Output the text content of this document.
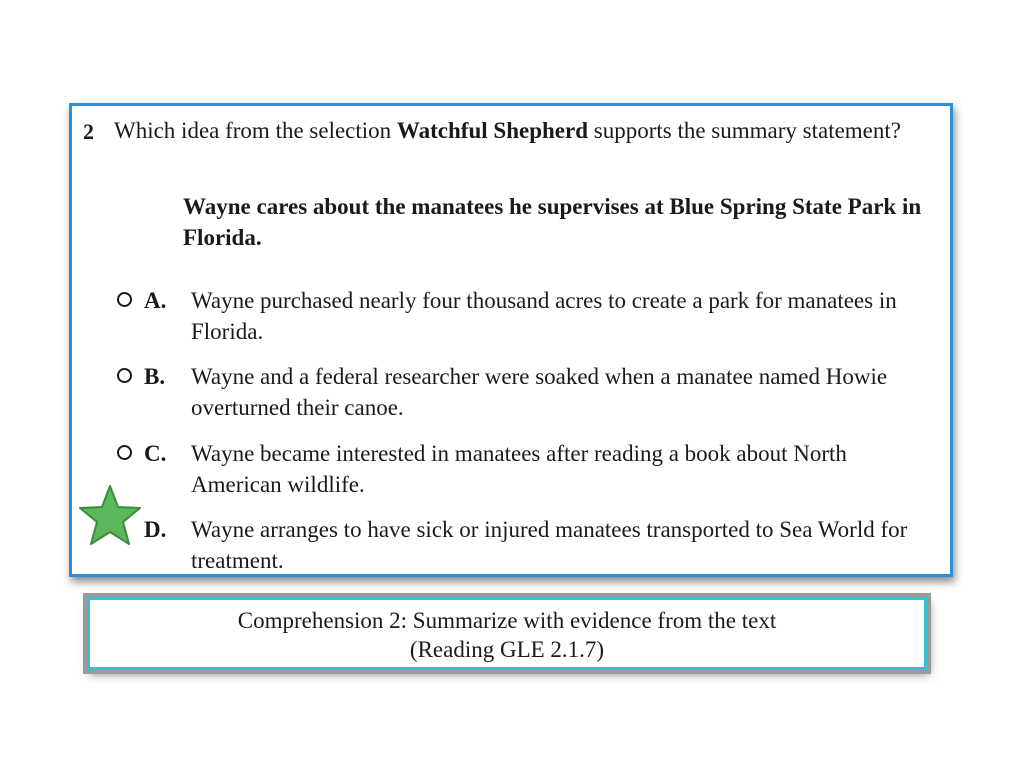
2 Which idea from the selection Watchful Shepherd supports the summary statement?
Wayne cares about the manatees he supervises at Blue Spring State Park in Florida.
A. Wayne purchased nearly four thousand acres to create a park for manatees in Florida.
B. Wayne and a federal researcher were soaked when a manatee named Howie overturned their canoe.
C. Wayne became interested in manatees after reading a book about North American wildlife.
D. Wayne arranges to have sick or injured manatees transported to Sea World for treatment.
Comprehension 2: Summarize with evidence from the text
(Reading GLE 2.1.7)
